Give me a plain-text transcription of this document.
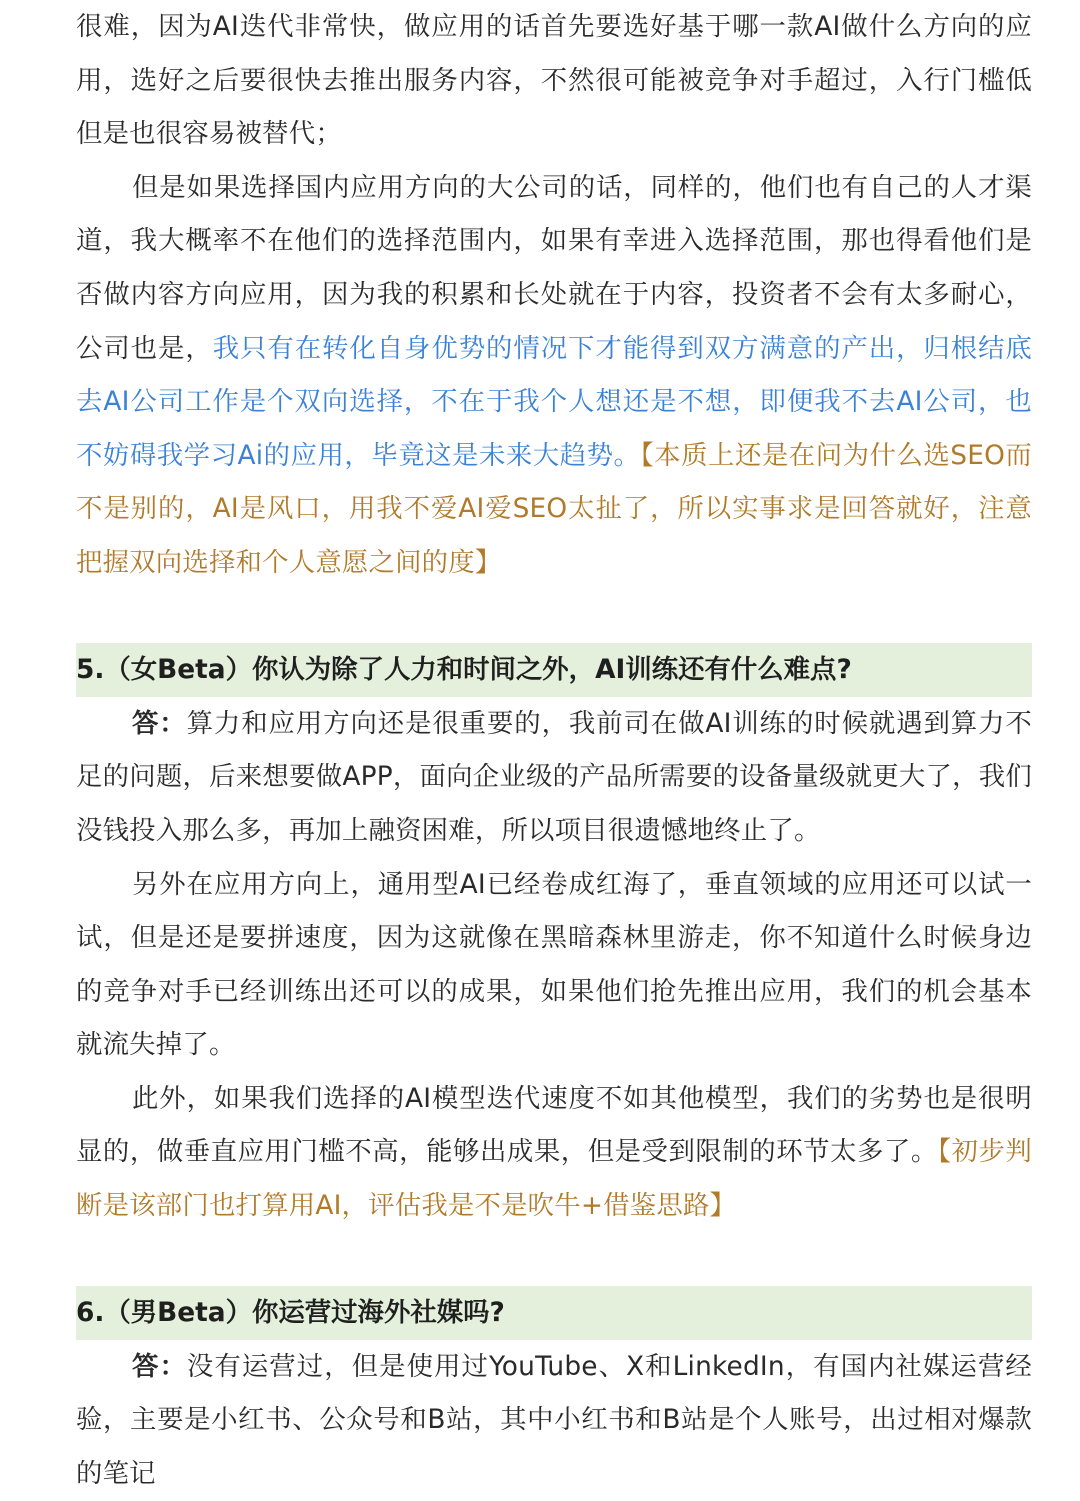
很难，因为AI迭代非常快，做应用的话首先要选好基于哪一款AI做什么方向的应用，选好之后要很快去推出服务内容，不然很可能被竞争对手超过，入行门槛低但是也很容易被替代；

但是如果选择国内应用方向的大公司的话，同样的，他们也有自己的人才渠道，我大概率不在他们的选择范围内，如果有幸进入选择范围，那也得看他们是否做内容方向应用，因为我的积累和长处就在于内容，投资者不会有太多耐心，公司也是，我只有在转化自身优势的情况下才能得到双方满意的产出，归根结底去AI公司工作是个双向选择，不在于我个人想还是不想，即便我不去AI公司，也不妨碍我学习Ai的应用，毕竟这是未来大趋势。【本质上还是在问为什么选SEO而不是别的，AI是风口，用我不爱AI爱SEO太扯了，所以实事求是回答就好，注意把握双向选择和个人意愿之间的度】

5.（女Beta）你认为除了人力和时间之外，AI训练还有什么难点?

答：算力和应用方向还是很重要的，我前司在做AI训练的时候就遇到算力不足的问题，后来想要做APP，面向企业级的产品所需要的设备量级就更大了，我们没钱投入那么多，再加上融资困难，所以项目很遗憾地终止了。

另外在应用方向上，通用型AI已经卷成红海了，垂直领域的应用还可以试一试，但是还是要拼速度，因为这就像在黑暗森林里游走，你不知道什么时候身边的竞争对手已经训练出还可以的成果，如果他们抢先推出应用，我们的机会基本就流失掉了。

此外，如果我们选择的AI模型迭代速度不如其他模型，我们的劣势也是很明显的，做垂直应用门槛不高，能够出成果，但是受到限制的环节太多了。【初步判断是该部门也打算用AI，评估我是不是吹牛+借鉴思路】

6.（男Beta）你运营过海外社媒吗?

答：没有运营过，但是使用过YouTube、X和LinkedIn，有国内社媒运营经验，主要是小红书、公众号和B站，其中小红书和B站是个人账号，出过相对爆款的笔记
